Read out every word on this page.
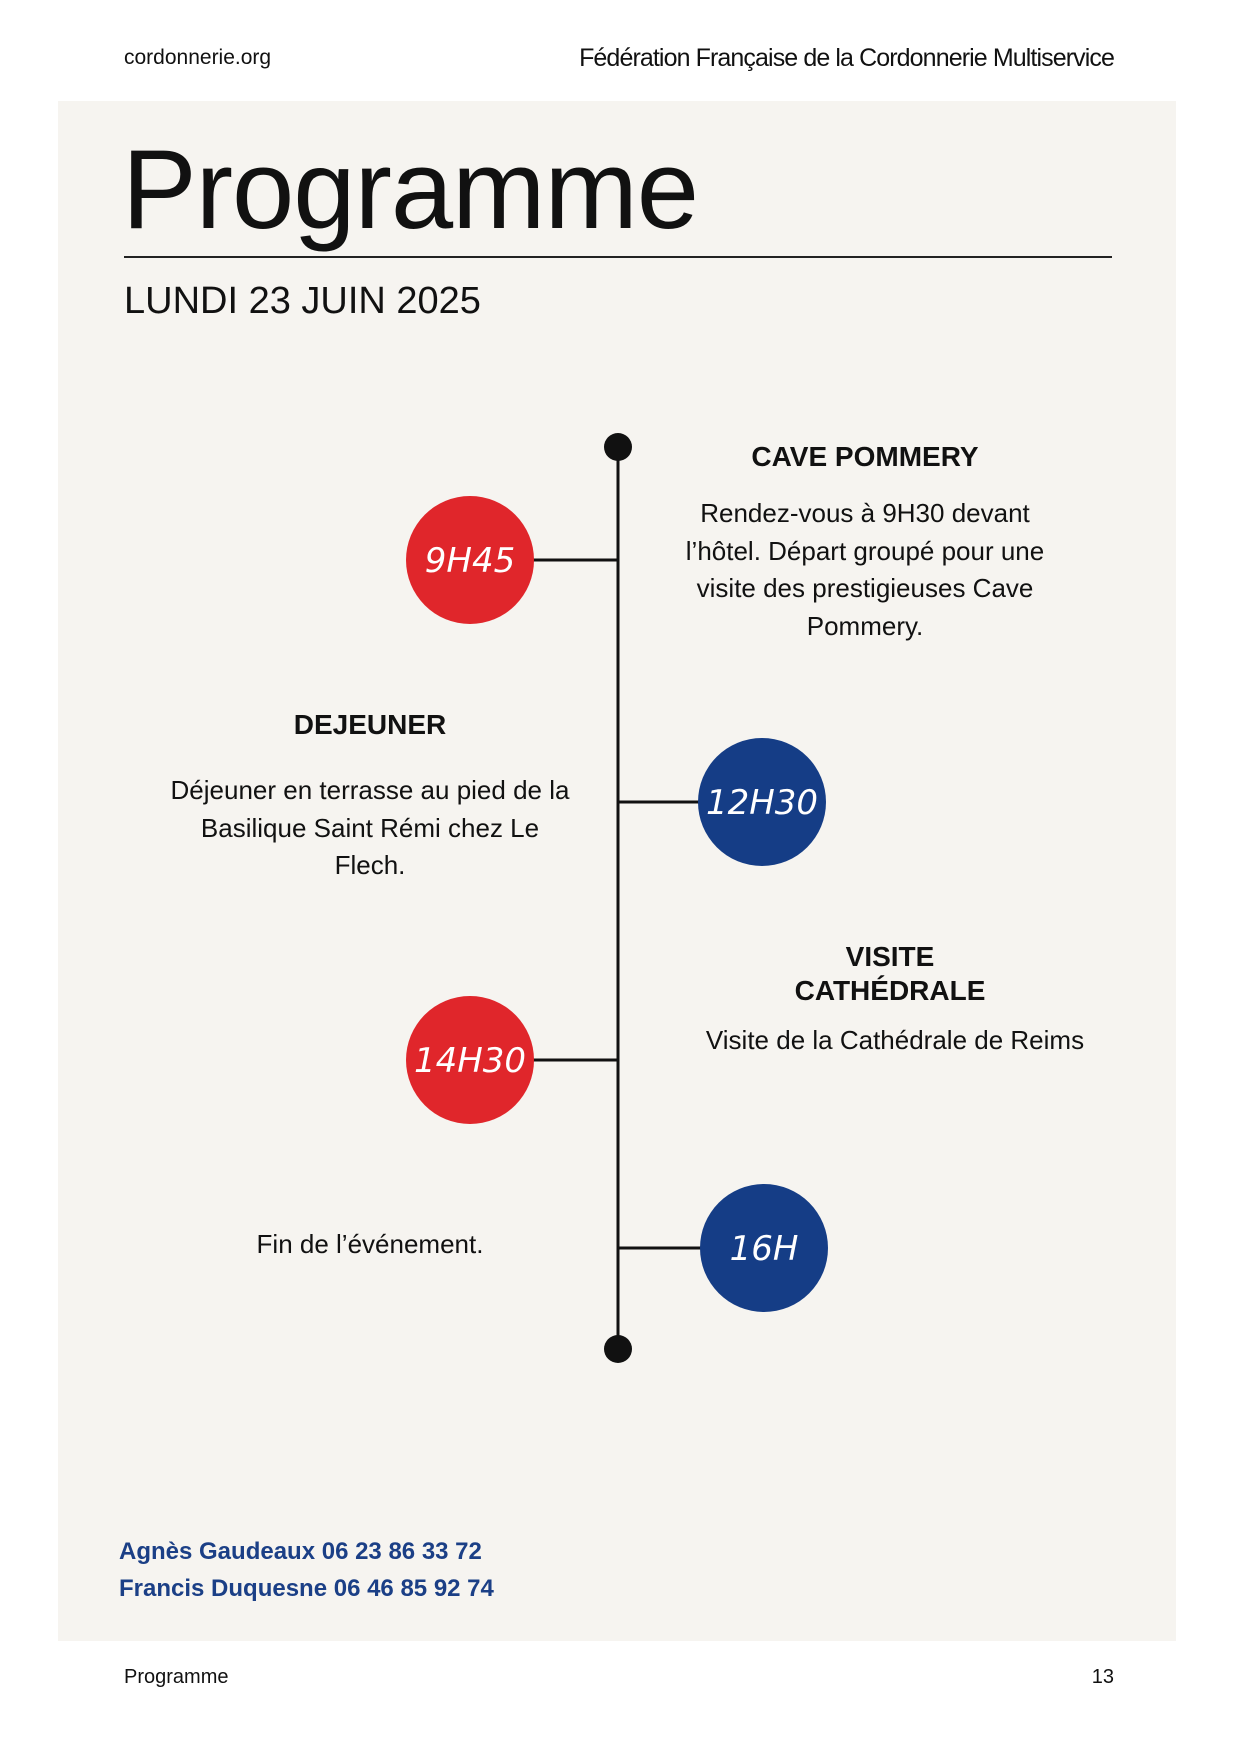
cordonnerie.org	Fédération Française de la Cordonnerie Multiservice
Programme
LUNDI 23 JUIN 2025
9H45
12H30
14H30
16H
CAVE POMMERY
Rendez-vous à 9H30 devant l’hôtel. Départ groupé pour une visite des prestigieuses Cave Pommery.
DEJEUNER
Déjeuner en terrasse au pied de la Basilique Saint Rémi chez Le Flech.
VISITE
CATHÉDRALE
Visite de la Cathédrale de Reims
Fin de l’événement.
Agnès Gaudeaux 06 23 86 33 72
Francis Duquesne 06 46 85 92 74
Programme	13
